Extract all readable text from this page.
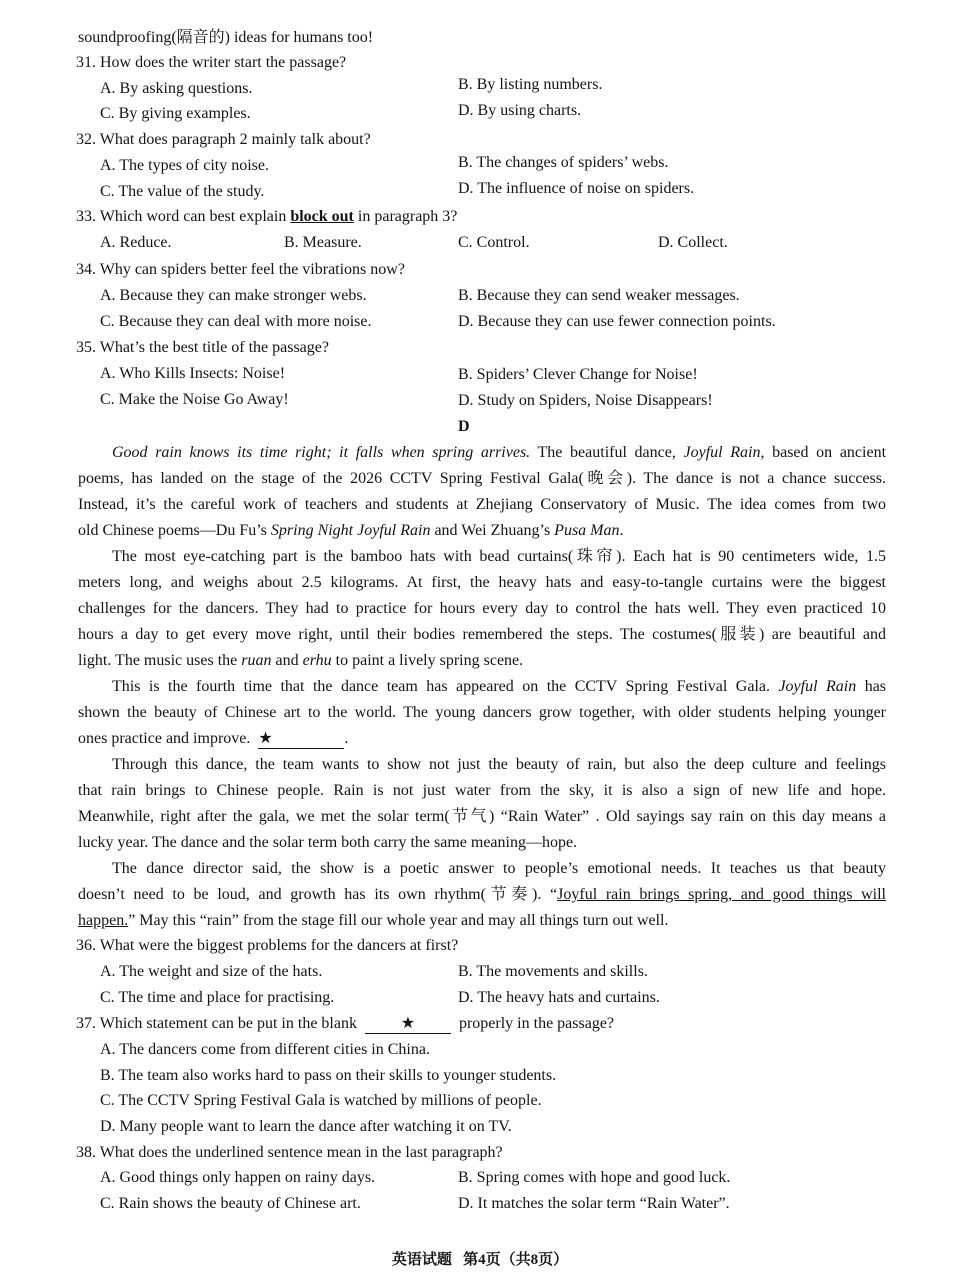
soundproofing(隔音的) ideas for humans too!
31. How does the writer start the passage?
A. By asking questions.	B. By listing numbers.
C. By giving examples.	D. By using charts.
32. What does paragraph 2 mainly talk about?
A. The types of city noise.	B. The changes of spiders’ webs.
C. The value of the study.	D. The influence of noise on spiders.
33. Which word can best explain block out in paragraph 3?
A. Reduce.	B. Measure.	C. Control.	D. Collect.
34. Why can spiders better feel the vibrations now?
A. Because they can make stronger webs.	B. Because they can send weaker messages.
C. Because they can deal with more noise.	D. Because they can use fewer connection points.
35. What’s the best title of the passage?
A. Who Kills Insects: Noise!	B. Spiders’ Clever Change for Noise!
C. Make the Noise Go Away!	D. Study on Spiders, Noise Disappears!
D
Good rain knows its time right; it falls when spring arrives. The beautiful dance, Joyful Rain, based on ancient
poems, has landed on the stage of the 2026 CCTV Spring Festival Gala(晚会). The dance is not a chance success.
Instead, it’s the careful work of teachers and students at Zhejiang Conservatory of Music. The idea comes from two
old Chinese poems—Du Fu’s Spring Night Joyful Rain and Wei Zhuang’s Pusa Man.
The most eye-catching part is the bamboo hats with bead curtains(珠帘). Each hat is 90 centimeters wide, 1.5
meters long, and weighs about 2.5 kilograms. At first, the heavy hats and easy-to-tangle curtains were the biggest
challenges for the dancers. They had to practice for hours every day to control the hats well. They even practiced 10
hours a day to get every move right, until their bodies remembered the steps. The costumes(服装) are beautiful and
light. The music uses the ruan and erhu to paint a lively spring scene.
This is the fourth time that the dance team has appeared on the CCTV Spring Festival Gala. Joyful Rain has
shown the beauty of Chinese art to the world. The young dancers grow together, with older students helping younger
ones practice and improve. ★	.
Through this dance, the team wants to show not just the beauty of rain, but also the deep culture and feelings
that rain brings to Chinese people. Rain is not just water from the sky, it is also a sign of new life and hope.
Meanwhile, right after the gala, we met the solar term(节气) “Rain Water” . Old sayings say rain on this day means a
lucky year. The dance and the solar term both carry the same meaning—hope.
The dance director said, the show is a poetic answer to people’s emotional needs. It teaches us that beauty
doesn’t need to be loud, and growth has its own rhythm(节奏). “Joyful rain brings spring, and good things will
happen.” May this “rain” from the stage fill our whole year and may all things turn out well.
36. What were the biggest problems for the dancers at first?
A. The weight and size of the hats.	B. The movements and skills.
C. The time and place for practising.	D. The heavy hats and curtains.
37. Which statement can be put in the blank	★	properly in the passage?
A. The dancers come from different cities in China.
B. The team also works hard to pass on their skills to younger students.
C. The CCTV Spring Festival Gala is watched by millions of people.
D. Many people want to learn the dance after watching it on TV.
38. What does the underlined sentence mean in the last paragraph?
A. Good things only happen on rainy days.	B. Spring comes with hope and good luck.
C. Rain shows the beauty of Chinese art.	D. It matches the solar term “Rain Water”.
英语试题   第4页（共8页）
